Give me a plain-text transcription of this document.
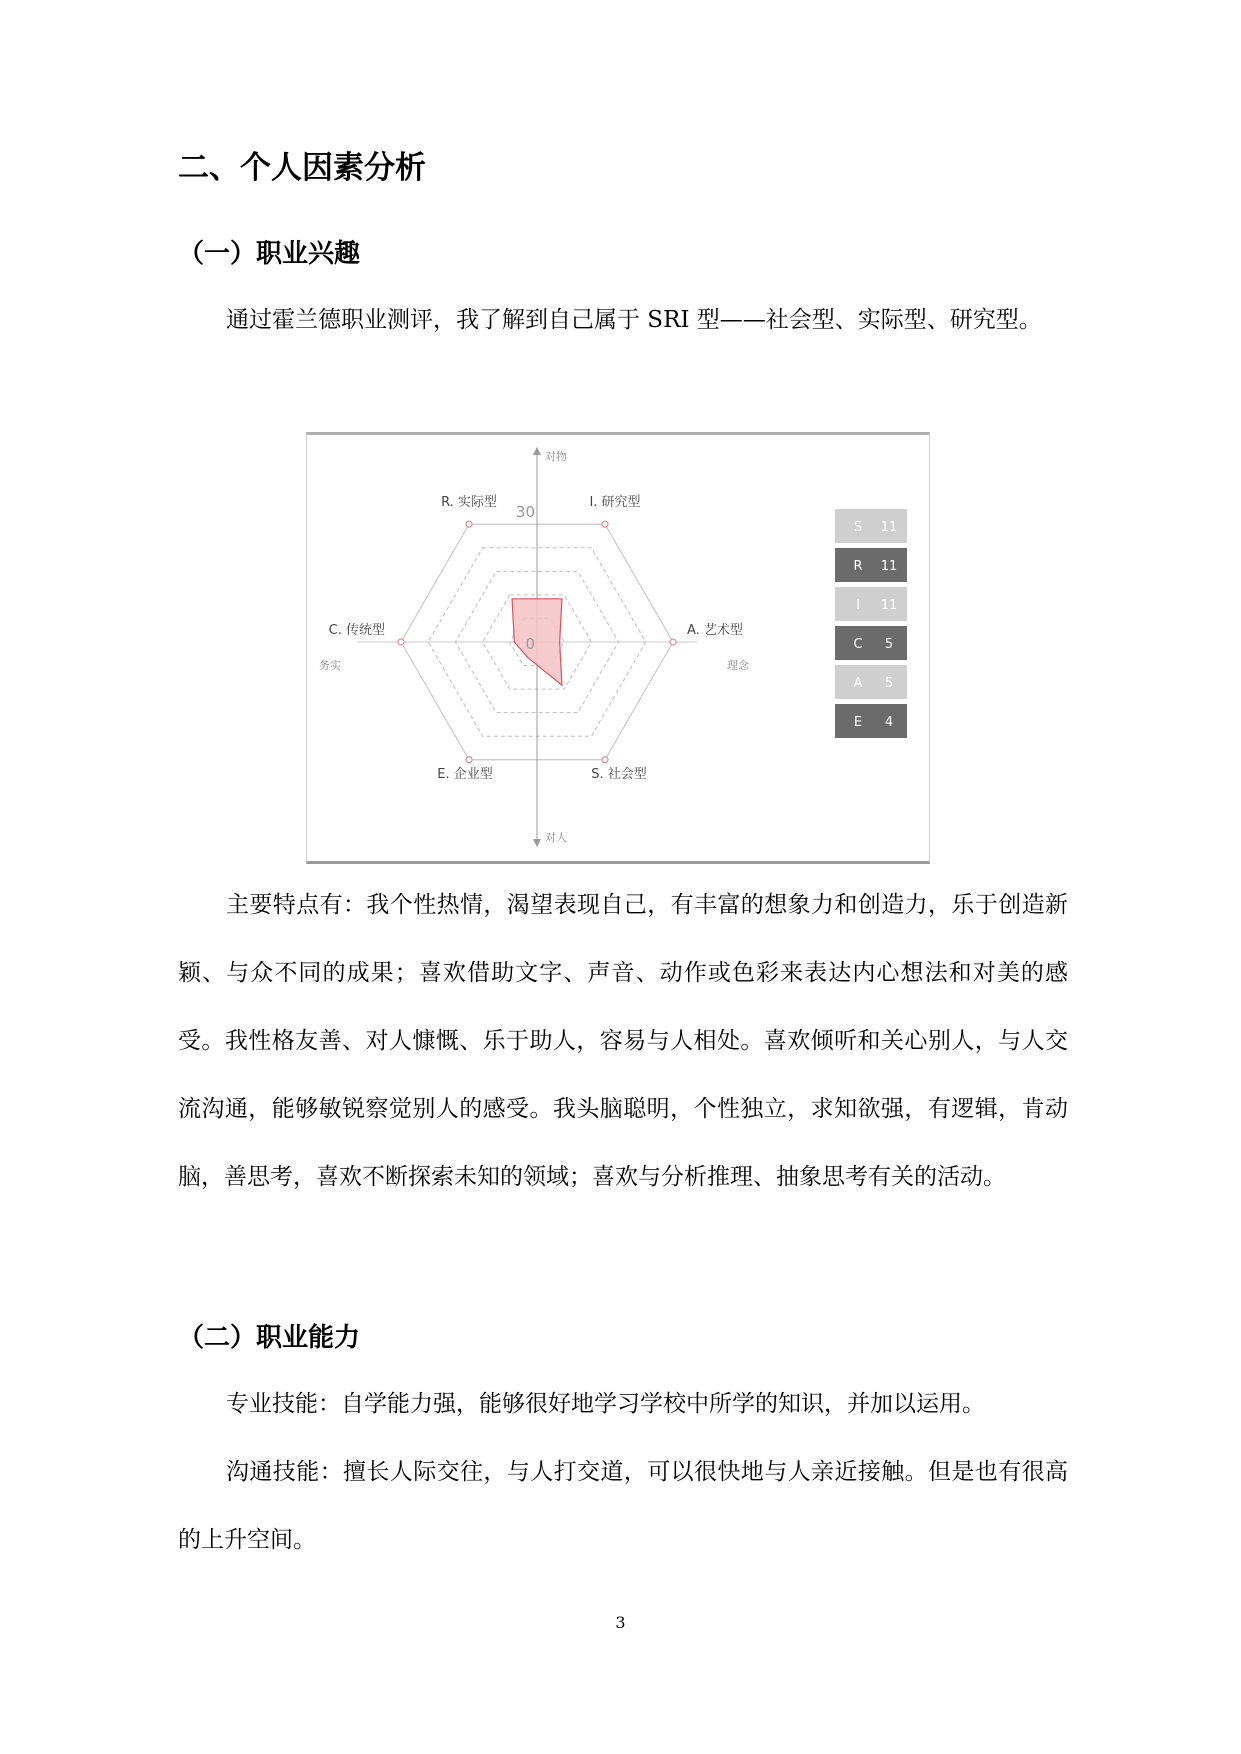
二、个人因素分析
（一）职业兴趣

通过霍兰德职业测评，我了解到自己属于 SRI 型——社会型、实际型、研究型。

对物
对人
务实	理念
30
0
R. 实际型	I. 研究型
A. 艺术型
S. 社会型
E. 企业型
C. 传统型
S 11
R 11
I 11
C 5
A 5
E 4

主要特点有：我个性热情，渴望表现自己，有丰富的想象力和创造力，乐于创造新颖、与众不同的成果；喜欢借助文字、声音、动作或色彩来表达内心想法和对美的感受。我性格友善、对人慷慨、乐于助人，容易与人相处。喜欢倾听和关心别人，与人交流沟通，能够敏锐察觉别人的感受。我头脑聪明，个性独立，求知欲强，有逻辑，肯动脑，善思考，喜欢不断探索未知的领域；喜欢与分析推理、抽象思考有关的活动。

（二）职业能力

专业技能：自学能力强，能够很好地学习学校中所学的知识，并加以运用。

沟通技能：擅长人际交往，与人打交道，可以很快地与人亲近接触。但是也有很高的上升空间。

3
